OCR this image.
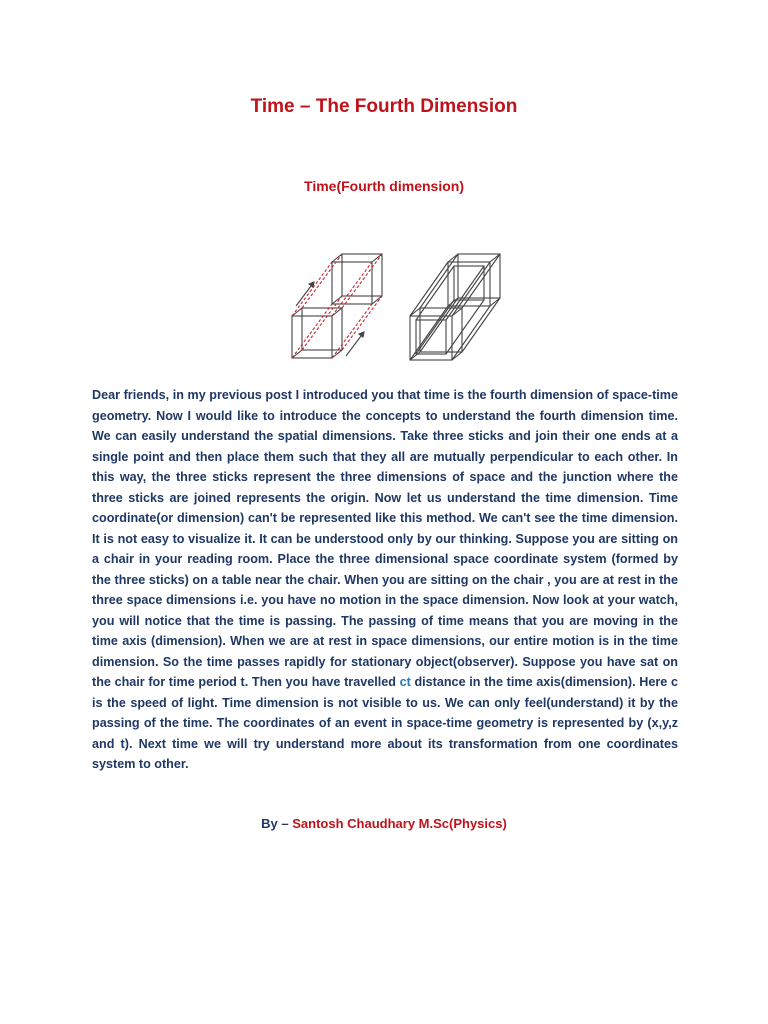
Time – The Fourth Dimension
Time(Fourth dimension)

Dear friends, in my previous post I introduced you that time is the fourth dimension of space-time geometry. Now I would like to introduce the concepts to understand the fourth dimension time. We can easily understand the spatial dimensions. Take three sticks and join their one ends at a single point and then place them such that they all are mutually perpendicular to each other. In this way, the three sticks represent the three dimensions of space and the junction where the three sticks are joined represents the origin. Now let us understand the time dimension. Time coordinate(or dimension) can't be represented like this method. We can't see the time dimension. It is not easy to visualize it. It can be understood only by our thinking. Suppose you are sitting on a chair in your reading room. Place the three dimensional space coordinate system (formed by the three sticks) on a table near the chair. When you are sitting on the chair , you are at rest in the three space dimensions i.e. you have no motion in the space dimension. Now look at your watch, you will notice that the time is passing. The passing of time means that you are moving in the time axis (dimension). When we are at rest in space dimensions, our entire motion is in the time dimension. So the time passes rapidly for stationary object(observer). Suppose you have sat on the chair for time period t. Then you have travelled ct distance in the time axis(dimension). Here c is the speed of light. Time dimension is not visible to us. We can only feel(understand) it by the passing of the time. The coordinates of an event in space-time geometry is represented by (x,y,z and t). Next time we will try understand more about its transformation from one coordinates system to other.

By – Santosh Chaudhary M.Sc(Physics)
